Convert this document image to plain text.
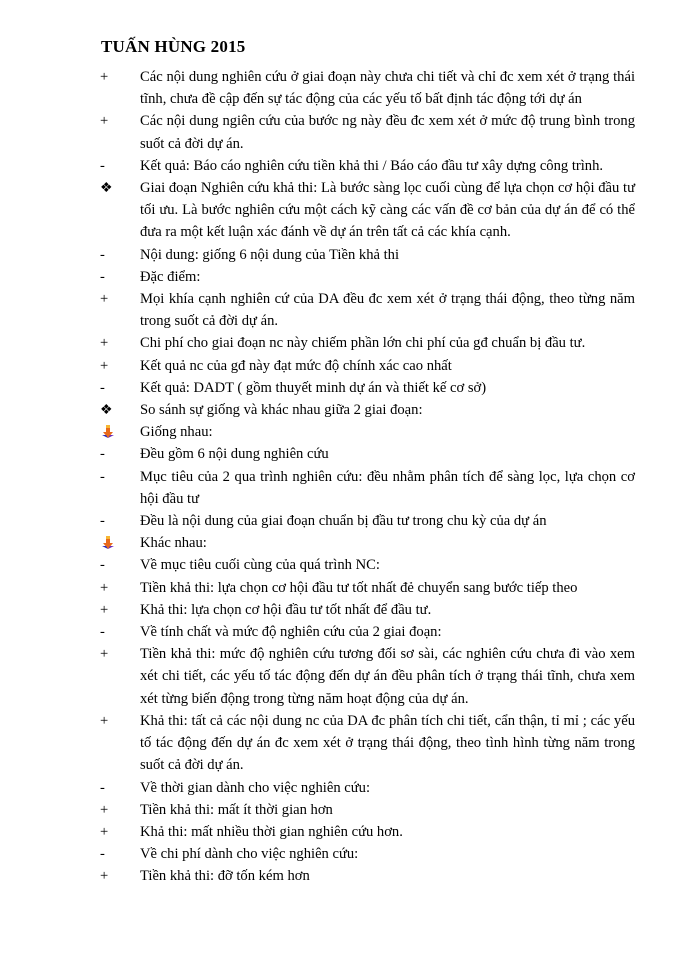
TUẤN HÙNG 2015
+	Các nội dung nghiên cứu ở giai đoạn này chưa chi tiết và chỉ đc xem xét ở trạng thái tĩnh, chưa đề cập đến sự tác động của các yếu tố bất định tác động tới dự án
+	Các nội dung ngiên cứu của bước ng này đều đc xem xét ở mức độ trung bình trong suốt cả đời dự án.
-	Kết quả: Báo cáo nghiên cứu tiền khả thi / Báo cáo đầu tư xây dựng công trình.
❖	Giai đoạn Nghiên cứu khả thi: Là bước sàng lọc cuối cùng để lựa chọn cơ hội đầu tư tối ưu. Là bước nghiên cứu một cách kỹ càng các vấn đề cơ bản của dự án để có thể đưa ra một kết luận xác đánh về dự án trên tất cả các khía cạnh.
-	Nội dung: giống 6 nội dung của Tiền khả thi
-	Đặc điểm:
+	Mọi khía cạnh nghiên cứ của DA đều đc xem xét ở trạng thái động, theo từng năm trong suốt cả đời dự án.
+	Chi phí cho giai đoạn nc này chiếm phần lớn chi phí của gđ chuẩn bị đầu tư.
+	Kết quả nc của gđ này đạt mức độ chính xác cao nhất
-	Kết quả: DADT ( gồm thuyết minh dự án và thiết kế cơ sở)
❖	So sánh sự giống và khác nhau giữa 2 giai đoạn:
Giống nhau:
-	Đều gồm 6 nội dung nghiên cứu
-	Mục tiêu của 2 qua trình nghiên cứu: đều nhằm phân tích để sàng lọc, lựa chọn cơ hội đầu tư
-	Đều là nội dung của giai đoạn chuẩn bị đầu tư trong chu kỳ của dự án
Khác nhau:
-	Về mục tiêu cuối cùng của quá trình NC:
+	Tiền khả thi: lựa chọn cơ hội đầu tư tốt nhất đẻ chuyển sang bước tiếp theo
+	Khả thi: lựa chọn cơ hội đầu tư tốt nhất để đầu tư.
-	Về tính chất và mức độ nghiên cứu của 2 giai đoạn:
+	Tiền khả thi: mức độ nghiên cứu tương đối sơ sài, các nghiên cứu chưa đi vào xem xét chi tiết, các yếu tố tác động đến dự án đều phân tích ở trạng thái tĩnh, chưa xem xét từng biến động trong từng năm hoạt động của dự án.
+	Khả thi: tất cả các nội dung nc của DA đc phân tích chi tiết, cẩn thận, tỉ mỉ ; các yếu tố tác động đến dự án đc xem xét ở trạng thái động, theo tình hình từng năm trong suốt cả đời dự án.
-	Về thời gian dành cho việc nghiên cứu:
+	Tiền khả thi: mất ít thời gian hơn
+	Khả thi: mất nhiều thời gian nghiên cứu hơn.
-	Về chi phí dành cho việc nghiên cứu:
+	Tiền khả thi: đỡ tốn kém hơn
